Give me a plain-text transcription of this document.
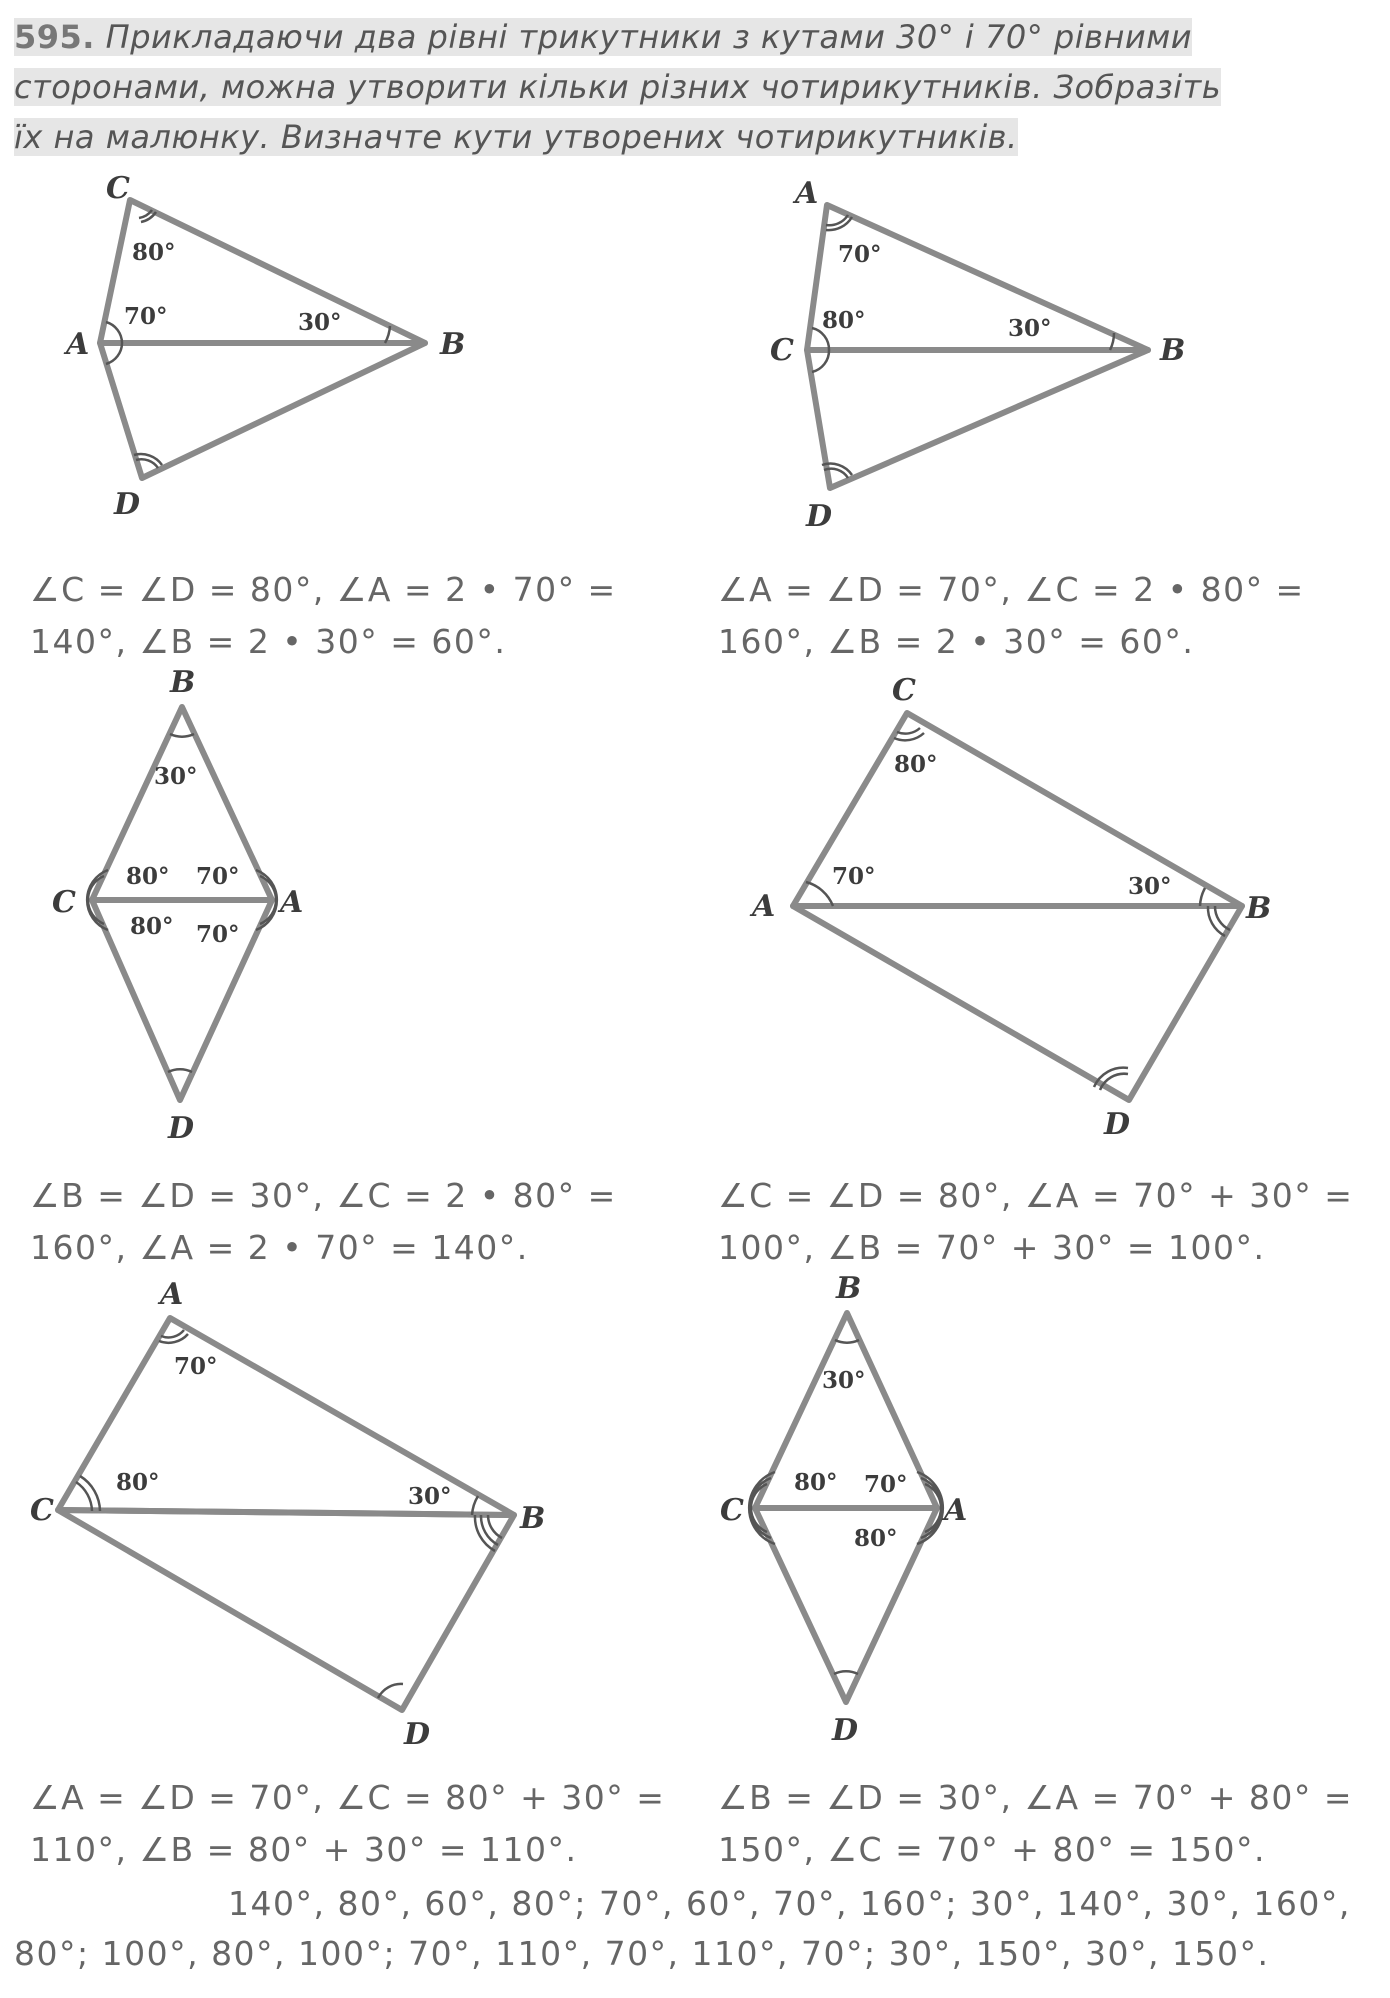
595. Прикладаючи два рівні трикутники з кутами 30° і 70° рівними
сторонами, можна утворити кільки різних чотирикутників. Зобразіть
їх на малюнку. Визначте кути утворених чотирикутників.
C
A	B
D
80°
70°	30°
A
C	B
D
70°
80°	30°
B
C	A
D
30°
80°
80°
70°
70°
C
A	B
D
80°
70°	30°
A
C	B
D
70°
80°
30°
B
C	A
D
30°
80° 70°
80°
∠C = ∠D = 80°, ∠A = 2 • 70° =
140°, ∠B = 2 • 30° = 60°.
∠A = ∠D = 70°, ∠C = 2 • 80° =
160°, ∠B = 2 • 30° = 60°.
∠B = ∠D = 30°, ∠C = 2 • 80° =
160°, ∠A = 2 • 70° = 140°.
∠C = ∠D = 80°, ∠A = 70° + 30° =
100°, ∠B = 70° + 30° = 100°.
∠A = ∠D = 70°, ∠C = 80° + 30° =
110°, ∠B = 80° + 30° = 110°.
∠B = ∠D = 30°, ∠A = 70° + 80° =
150°, ∠C = 70° + 80° = 150°.
140°, 80°, 60°, 80°; 70°, 60°, 70°, 160°; 30°, 140°, 30°, 160°,
80°; 100°, 80°, 100°; 70°, 110°, 70°, 110°, 70°; 30°, 150°, 30°, 150°.
